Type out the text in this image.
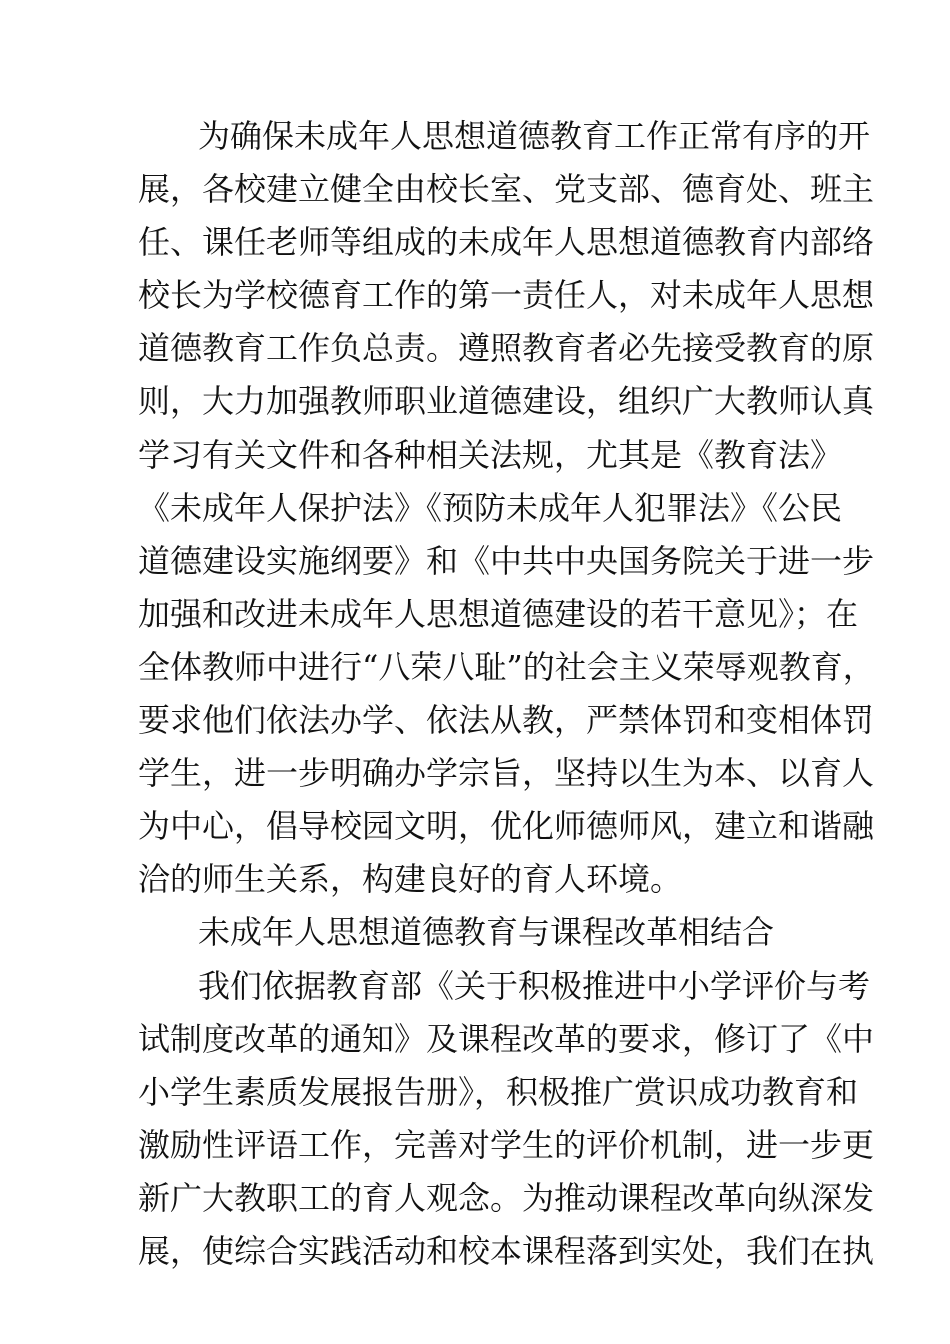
为确保未成年人思想道德教育工作正常有序的开
展，各校建立健全由校长室、党支部、德育处、班主
任、课任老师等组成的未成年人思想道德教育内部络
校长为学校德育工作的第一责任人，对未成年人思想
道德教育工作负总责。遵照教育者必先接受教育的原
则，大力加强教师职业道德建设，组织广大教师认真
学习有关文件和各种相关法规，尤其是《教育法》
《未成年人保护法》《预防未成年人犯罪法》《公民
道德建设实施纲要》和《中共中央国务院关于进一步
加强和改进未成年人思想道德建设的若干意见》；在
全体教师中进行“八荣八耻”的社会主义荣辱观教育，
要求他们依法办学、依法从教，严禁体罚和变相体罚
学生，进一步明确办学宗旨，坚持以生为本、以育人
为中心，倡导校园文明，优化师德师风，建立和谐融
洽的师生关系，构建良好的育人环境。
未成年人思想道德教育与课程改革相结合
我们依据教育部《关于积极推进中小学评价与考
试制度改革的通知》及课程改革的要求，修订了《中
小学生素质发展报告册》，积极推广赏识成功教育和
激励性评语工作，完善对学生的评价机制，进一步更
新广大教职工的育人观念。为推动课程改革向纵深发
展，使综合实践活动和校本课程落到实处，我们在执
